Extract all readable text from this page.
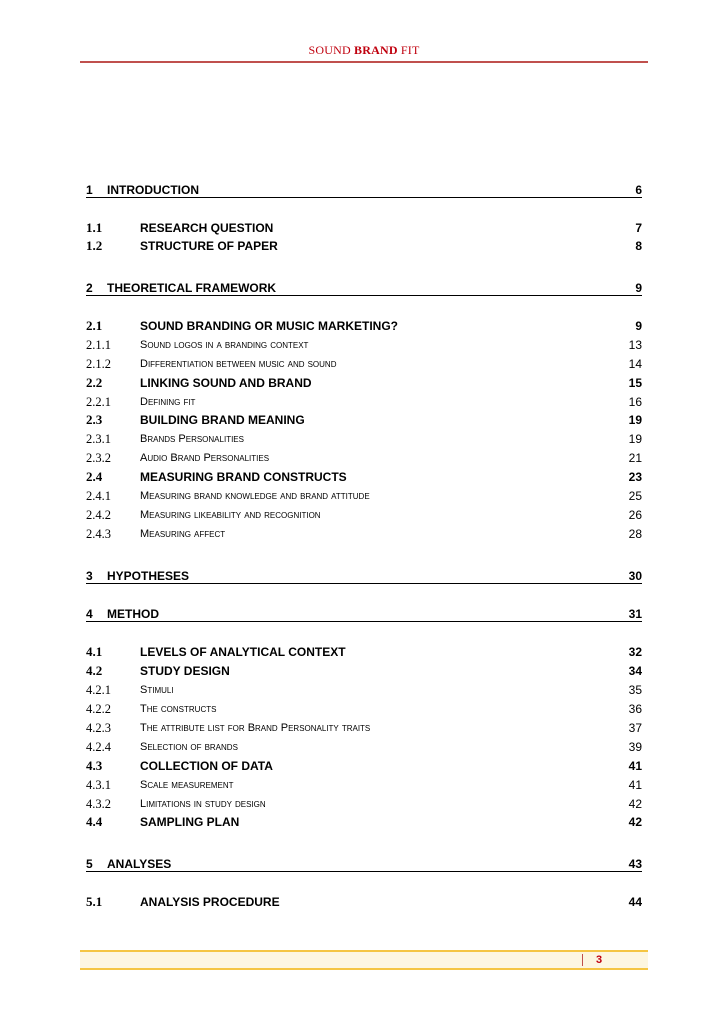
SOUND BRAND FIT
1 INTRODUCTION	6
1.1	RESEARCH QUESTION	7
1.2	STRUCTURE OF PAPER	8
2 THEORETICAL FRAMEWORK	9
2.1	SOUND BRANDING OR MUSIC MARKETING?	9
2.1.1	Sound logos in a branding context	13
2.1.2	Differentiation between music and sound	14
2.2	LINKING SOUND AND BRAND	15
2.2.1	Defining fit	16
2.3	BUILDING BRAND MEANING	19
2.3.1	Brands Personalities	19
2.3.2	Audio Brand Personalities	21
2.4	MEASURING BRAND CONSTRUCTS	23
2.4.1	Measuring brand knowledge and brand attitude	25
2.4.2	Measuring likeability and recognition	26
2.4.3	Measuring affect	28
3 HYPOTHESES	30
4 METHOD	31
4.1	LEVELS OF ANALYTICAL CONTEXT	32
4.2	STUDY DESIGN	34
4.2.1	Stimuli	35
4.2.2	The constructs	36
4.2.3	The attribute list for Brand Personality traits	37
4.2.4	Selection of brands	39
4.3	COLLECTION OF DATA	41
4.3.1	Scale measurement	41
4.3.2	Limitations in study design	42
4.4	SAMPLING PLAN	42
5 ANALYSES	43
5.1	ANALYSIS PROCEDURE	44
3
